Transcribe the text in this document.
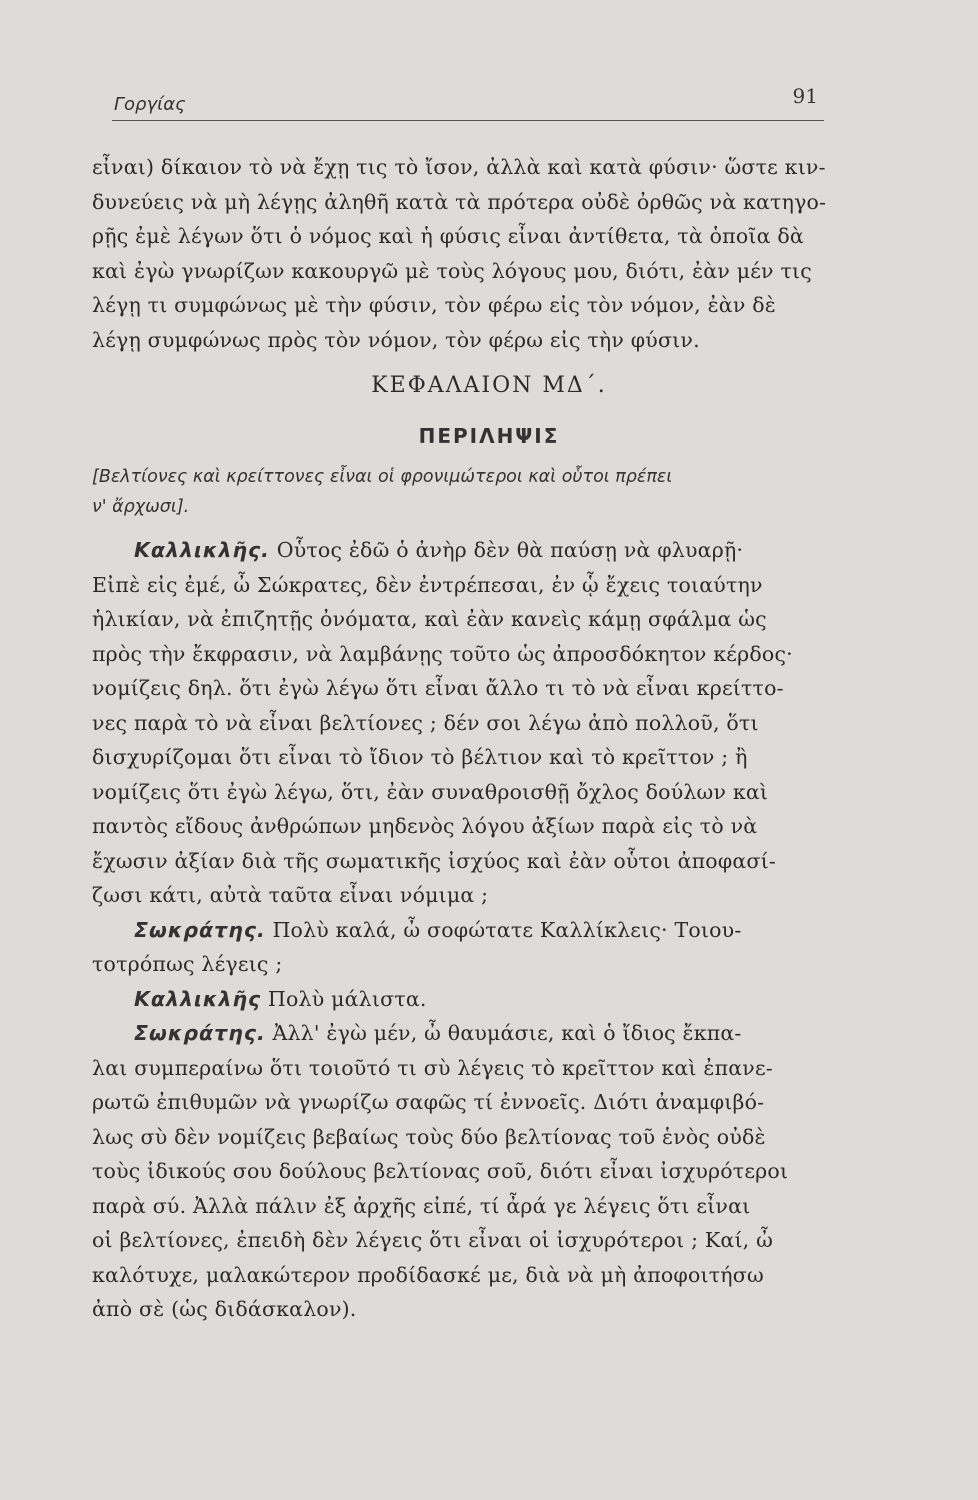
Γοργίας	91
εἶναι) δίκαιον τὸ νὰ ἔχῃ τις τὸ ἴσον, ἀλλὰ καὶ κατὰ φύσιν· ὥστε κιν-
δυνεύεις νὰ μὴ λέγῃς ἀληθῆ κατὰ τὰ πρότερα οὐδὲ ὀρθῶς νὰ κατηγο-
ρῇς ἐμὲ λέγων ὅτι ὁ νόμος καὶ ἡ φύσις εἶναι ἀντίθετα, τὰ ὁποῖα δὰ
καὶ ἐγὼ γνωρίζων κακουργῶ μὲ τοὺς λόγους μου, διότι, ἐὰν μέν τις
λέγῃ τι συμφώνως μὲ τὴν φύσιν, τὸν φέρω εἰς τὸν νόμον, ἐὰν δὲ
λέγῃ συμφώνως πρὸς τὸν νόμον, τὸν φέρω εἰς τὴν φύσιν.
ΚΕΦΑΛΑΙΟΝ ΜΔ΄.
ΠΕΡΙΛΗΨΙΣ
[Βελτίονες καὶ κρείττονες εἶναι οἱ φρονιμώτεροι καὶ οὗτοι πρέπει
ν' ἄρχωσι].
Καλλικλῆς. Οὗτος ἐδῶ ὁ ἀνὴρ δὲν θὰ παύσῃ νὰ φλυαρῇ·
Εἰπὲ εἰς ἐμέ, ὦ Σώκρατες, δὲν ἐντρέπεσαι, ἐν ᾧ ἔχεις τοιαύτην
ἡλικίαν, νὰ ἐπιζητῇς ὀνόματα, καὶ ἐὰν κανεὶς κάμῃ σφάλμα ὡς
πρὸς τὴν ἔκφρασιν, νὰ λαμβάνῃς τοῦτο ὡς ἀπροσδόκητον κέρδος·
νομίζεις δηλ. ὅτι ἐγὼ λέγω ὅτι εἶναι ἄλλο τι τὸ νὰ εἶναι κρείττο-
νες παρὰ τὸ νὰ εἶναι βελτίονες ; δέν σοι λέγω ἀπὸ πολλοῦ, ὅτι
δισχυρίζομαι ὅτι εἶναι τὸ ἴδιον τὸ βέλτιον καὶ τὸ κρεῖττον ; ἢ
νομίζεις ὅτι ἐγὼ λέγω, ὅτι, ἐὰν συναθροισθῇ ὄχλος δούλων καὶ
παντὸς εἴδους ἀνθρώπων μηδενὸς λόγου ἀξίων παρὰ εἰς τὸ νὰ
ἔχωσιν ἀξίαν διὰ τῆς σωματικῆς ἰσχύος καὶ ἐὰν οὗτοι ἀποφασί-
ζωσι κάτι, αὐτὰ ταῦτα εἶναι νόμιμα ;
Σωκράτης. Πολὺ καλά, ὦ σοφώτατε Καλλίκλεις· Τοιου-
τοτρόπως λέγεις ;
Καλλικλῆς Πολὺ μάλιστα.
Σωκράτης. Ἀλλ' ἐγὼ μέν, ὦ θαυμάσιε, καὶ ὁ ἴδιος ἔκπα-
λαι συμπεραίνω ὅτι τοιοῦτό τι σὺ λέγεις τὸ κρεῖττον καὶ ἐπανε-
ρωτῶ ἐπιθυμῶν νὰ γνωρίζω σαφῶς τί ἐννοεῖς. Διότι ἀναμφιβό-
λως σὺ δὲν νομίζεις βεβαίως τοὺς δύο βελτίονας τοῦ ἑνὸς οὐδὲ
τοὺς ἰδικούς σου δούλους βελτίονας σοῦ, διότι εἶναι ἰσχυρότεροι
παρὰ σύ. Ἀλλὰ πάλιν ἐξ ἀρχῆς εἰπέ, τί ἆρά γε λέγεις ὅτι εἶναι
οἱ βελτίονες, ἐπειδὴ δὲν λέγεις ὅτι εἶναι οἱ ἰσχυρότεροι ; Καί, ὦ
καλότυχε, μαλακώτερον προδίδασκέ με, διὰ νὰ μὴ ἀποφοιτήσω
ἀπὸ σὲ (ὡς διδάσκαλον).
